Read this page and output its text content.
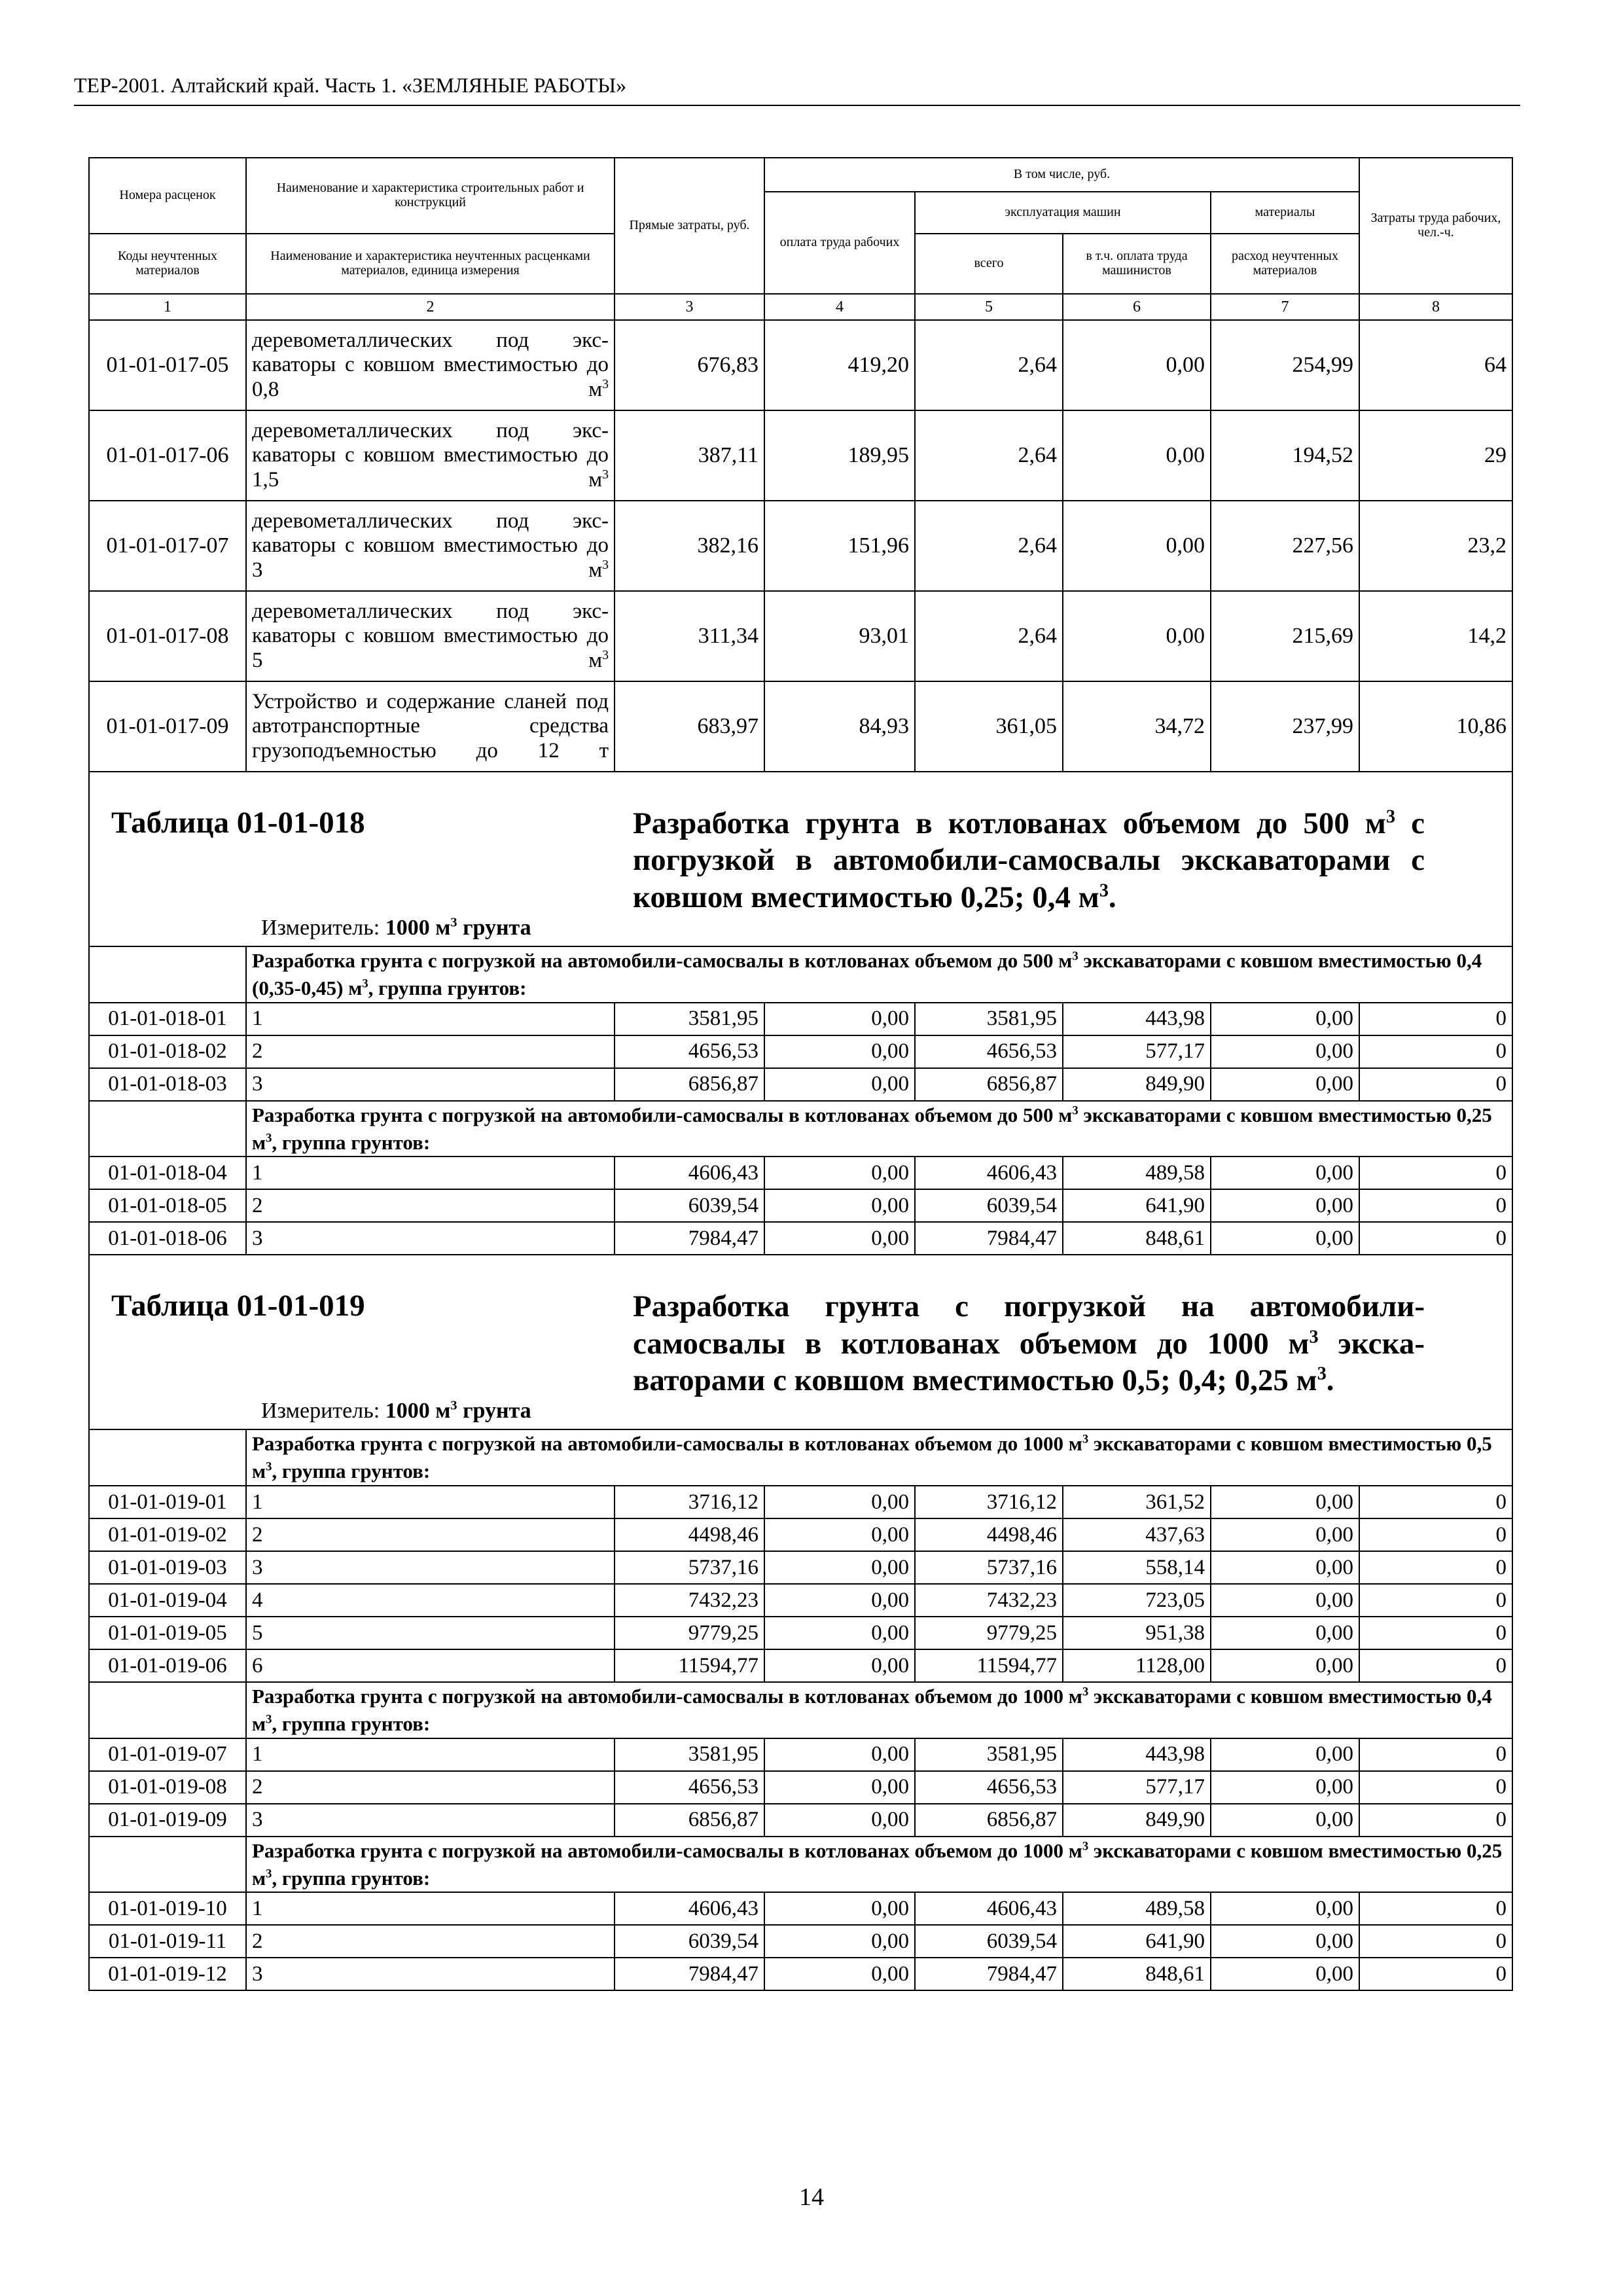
ТЕР-2001. Алтайский край. Часть 1. «ЗЕМЛЯНЫЕ РАБОТЫ»
Номера расценок	Наименование и характеристика строительных работ и конструкций	Прямые затраты, руб.	В том числе, руб.				Затраты труда рабочих, чел.-ч.
			оплата труда рабочих	эксплуатация машин		материалы	
Коды неучтенных материалов	Наименование и характеристика неучтенных расценками материалов, единица измерения			всего	в т.ч. оплата труда машинистов	расход неучтенных материалов	
1	2	3	4	5	6	7	8
01-01-017-05	деревометаллических под экскаваторы с ковшом вместимостью до 0,8 $м^3$	676,83	419,20	2,64	0,00	254,99	64
01-01-017-06	деревометаллических под экскаваторы с ковшом вместимостью до 1,5 $м^3$	387,11	189,95	2,64	0,00	194,52	29
01-01-017-07	деревометаллических под экскаваторы с ковшом вместимостью до 3 $м^3$	382,16	151,96	2,64	0,00	227,56	23,2
01-01-017-08	деревометаллических под экскаваторы с ковшом вместимостью до 5 $м^3$	311,34	93,01	2,64	0,00	215,69	14,2
01-01-017-09	Устройство и содержание сланей под автотранспортные средства грузоподъемностью до 12 т	683,97	84,93	361,05	34,72	237,99	10,86

Таблица 01-01-018 Разработка грунта в котлованах объемом до 500 $м^3$ с погрузкой в автомобили-самосвалы экскаваторами с ковшом вместимостью 0,25; 0,4 $м^3$.
Измеритель: 1000 $м^3$ грунта							

	Разработка грунта с погрузкой на автомобили-самосвалы в котлованах объемом до 500 $м^3$ экскаваторами с ковшом вместимостью 0,4 (0,35-0,45) $м^3$, группа грунтов:						
01-01-018-01	1	3581,95	0,00	3581,95	443,98	0,00	0
01-01-018-02	2	4656,53	0,00	4656,53	577,17	0,00	0
01-01-018-03	3	6856,87	0,00	6856,87	849,90	0,00	0
	Разработка грунта с погрузкой на автомобили-самосвалы в котлованах объемом до 500 $м^3$ экскаваторами с ковшом вместимостью 0,25 $м^3$, группа грунтов:						
01-01-018-04	1	4606,43	0,00	4606,43	489,58	0,00	0
01-01-018-05	2	6039,54	0,00	6039,54	641,90	0,00	0
01-01-018-06	3	7984,47	0,00	7984,47	848,61	0,00	0

Таблица 01-01-019 Разработка грунта с погрузкой на автомобили-самосвалы в котлованах объемом до 1000 $м^3$ экскаваторами с ковшом вместимостью 0,5; 0,4; 0,25 $м^3$.
Измеритель: 1000 $м^3$ грунта							

	Разработка грунта с погрузкой на автомобили-самосвалы в котлованах объемом до 1000 $м^3$ экскаваторами с ковшом вместимостью 0,5 $м^3$, группа грунтов:						
01-01-019-01	1	3716,12	0,00	3716,12	361,52	0,00	0
01-01-019-02	2	4498,46	0,00	4498,46	437,63	0,00	0
01-01-019-03	3	5737,16	0,00	5737,16	558,14	0,00	0
01-01-019-04	4	7432,23	0,00	7432,23	723,05	0,00	0
01-01-019-05	5	9779,25	0,00	9779,25	951,38	0,00	0
01-01-019-06	6	11594,77	0,00	11594,77	1128,00	0,00	0
	Разработка грунта с погрузкой на автомобили-самосвалы в котлованах объемом до 1000 $м^3$ экскаваторами с ковшом вместимостью 0,4 $м^3$, группа грунтов:						
01-01-019-07	1	3581,95	0,00	3581,95	443,98	0,00	0
01-01-019-08	2	4656,53	0,00	4656,53	577,17	0,00	0
01-01-019-09	3	6856,87	0,00	6856,87	849,90	0,00	0
	Разработка грунта с погрузкой на автомобили-самосвалы в котлованах объемом до 1000 $м^3$ экскаваторами с ковшом вместимостью 0,25 $м^3$, группа грунтов:						
01-01-019-10	1	4606,43	0,00	4606,43	489,58	0,00	0
01-01-019-11	2	6039,54	0,00	6039,54	641,90	0,00	0
01-01-019-12	3	7984,47	0,00	7984,47	848,61	0,00	0
14
